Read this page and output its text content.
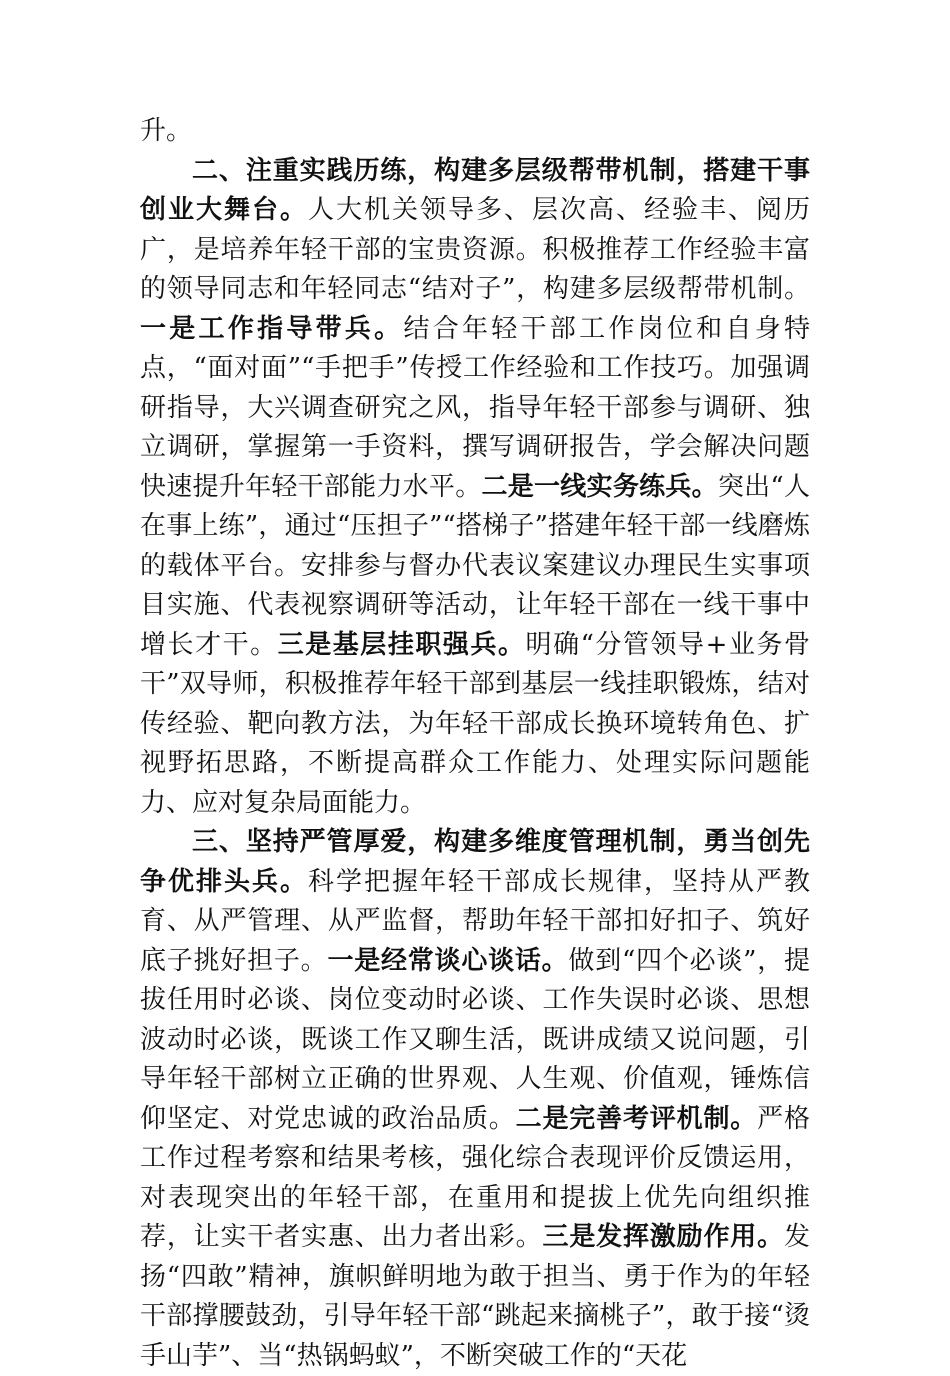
升。

二、注重实践历练，构建多层级帮带机制，搭建干事创业大舞台。人大机关领导多、层次高、经验丰、阅历广，是培养年轻干部的宝贵资源。积极推荐工作经验丰富的领导同志和年轻同志“结对子”，构建多层级帮带机制。一是工作指导带兵。结合年轻干部工作岗位和自身特点，“面对面”“手把手”传授工作经验和工作技巧。加强调研指导，大兴调查研究之风，指导年轻干部参与调研、独立调研，掌握第一手资料，撰写调研报告，学会解决问题快速提升年轻干部能力水平。二是一线实务练兵。突出“人在事上练”，通过“压担子”“搭梯子”搭建年轻干部一线磨炼的载体平台。安排参与督办代表议案建议办理民生实事项目实施、代表视察调研等活动，让年轻干部在一线干事中增长才干。三是基层挂职强兵。明确“分管领导+业务骨干”双导师，积极推荐年轻干部到基层一线挂职锻炼，结对传经验、靶向教方法，为年轻干部成长换环境转角色、扩视野拓思路，不断提高群众工作能力、处理实际问题能力、应对复杂局面能力。

三、坚持严管厚爱，构建多维度管理机制，勇当创先争优排头兵。科学把握年轻干部成长规律，坚持从严教育、从严管理、从严监督，帮助年轻干部扣好扣子、筑好底子挑好担子。一是经常谈心谈话。做到“四个必谈”，提拔任用时必谈、岗位变动时必谈、工作失误时必谈、思想波动时必谈，既谈工作又聊生活，既讲成绩又说问题，引导年轻干部树立正确的世界观、人生观、价值观，锤炼信仰坚定、对党忠诚的政治品质。二是完善考评机制。严格工作过程考察和结果考核，强化综合表现评价反馈运用，对表现突出的年轻干部，在重用和提拔上优先向组织推荐，让实干者实惠、出力者出彩。三是发挥激励作用。发扬“四敢”精神，旗帜鲜明地为敢于担当、勇于作为的年轻干部撑腰鼓劲，引导年轻干部“跳起来摘桃子”，敢于接“烫手山芋”、当“热锅蚂蚁”，不断突破工作的“天花
